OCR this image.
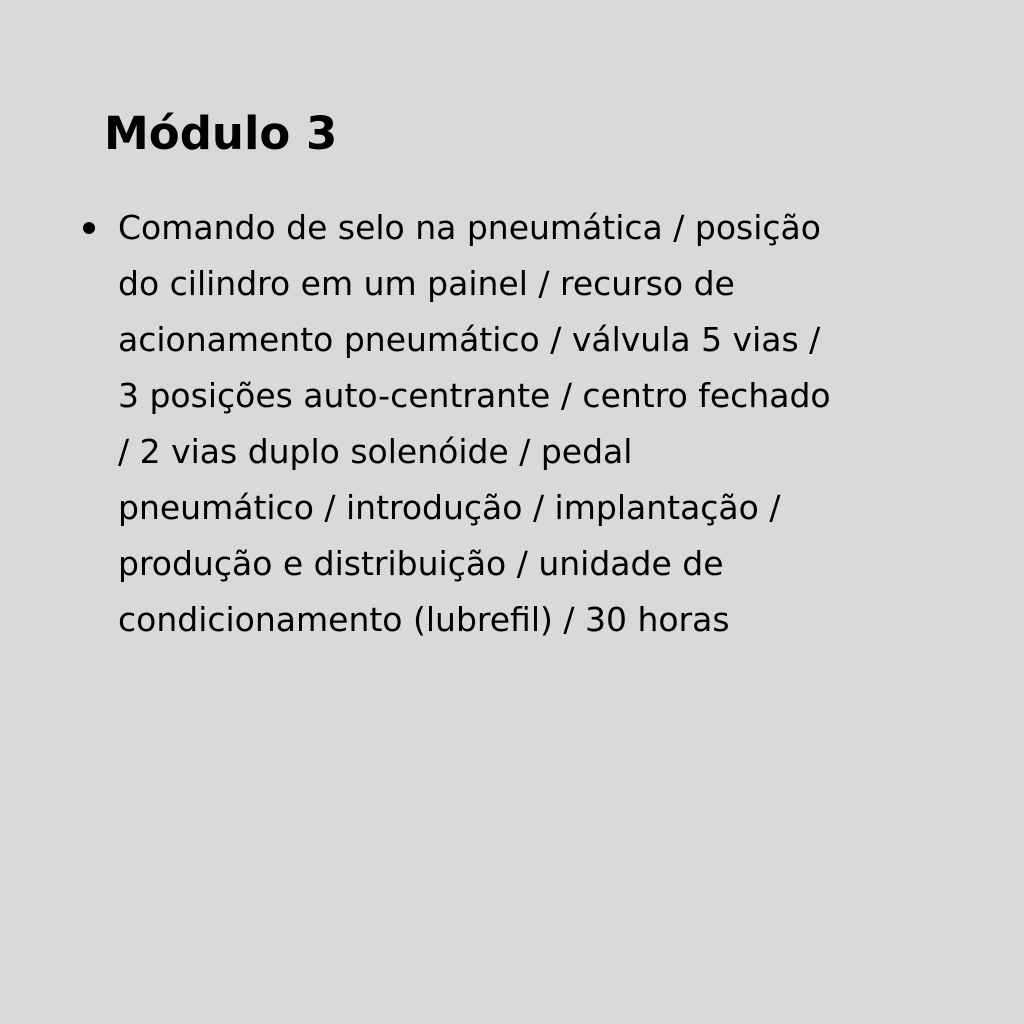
Módulo 3
Comando de selo na pneumática / posição
do cilindro em um painel / recurso de
acionamento pneumático / válvula 5 vias /
3 posições auto-centrante / centro fechado
/ 2 vias duplo solenóide / pedal
pneumático / introdução / implantação /
produção e distribuição / unidade de
condicionamento (lubrefil) / 30 horas
